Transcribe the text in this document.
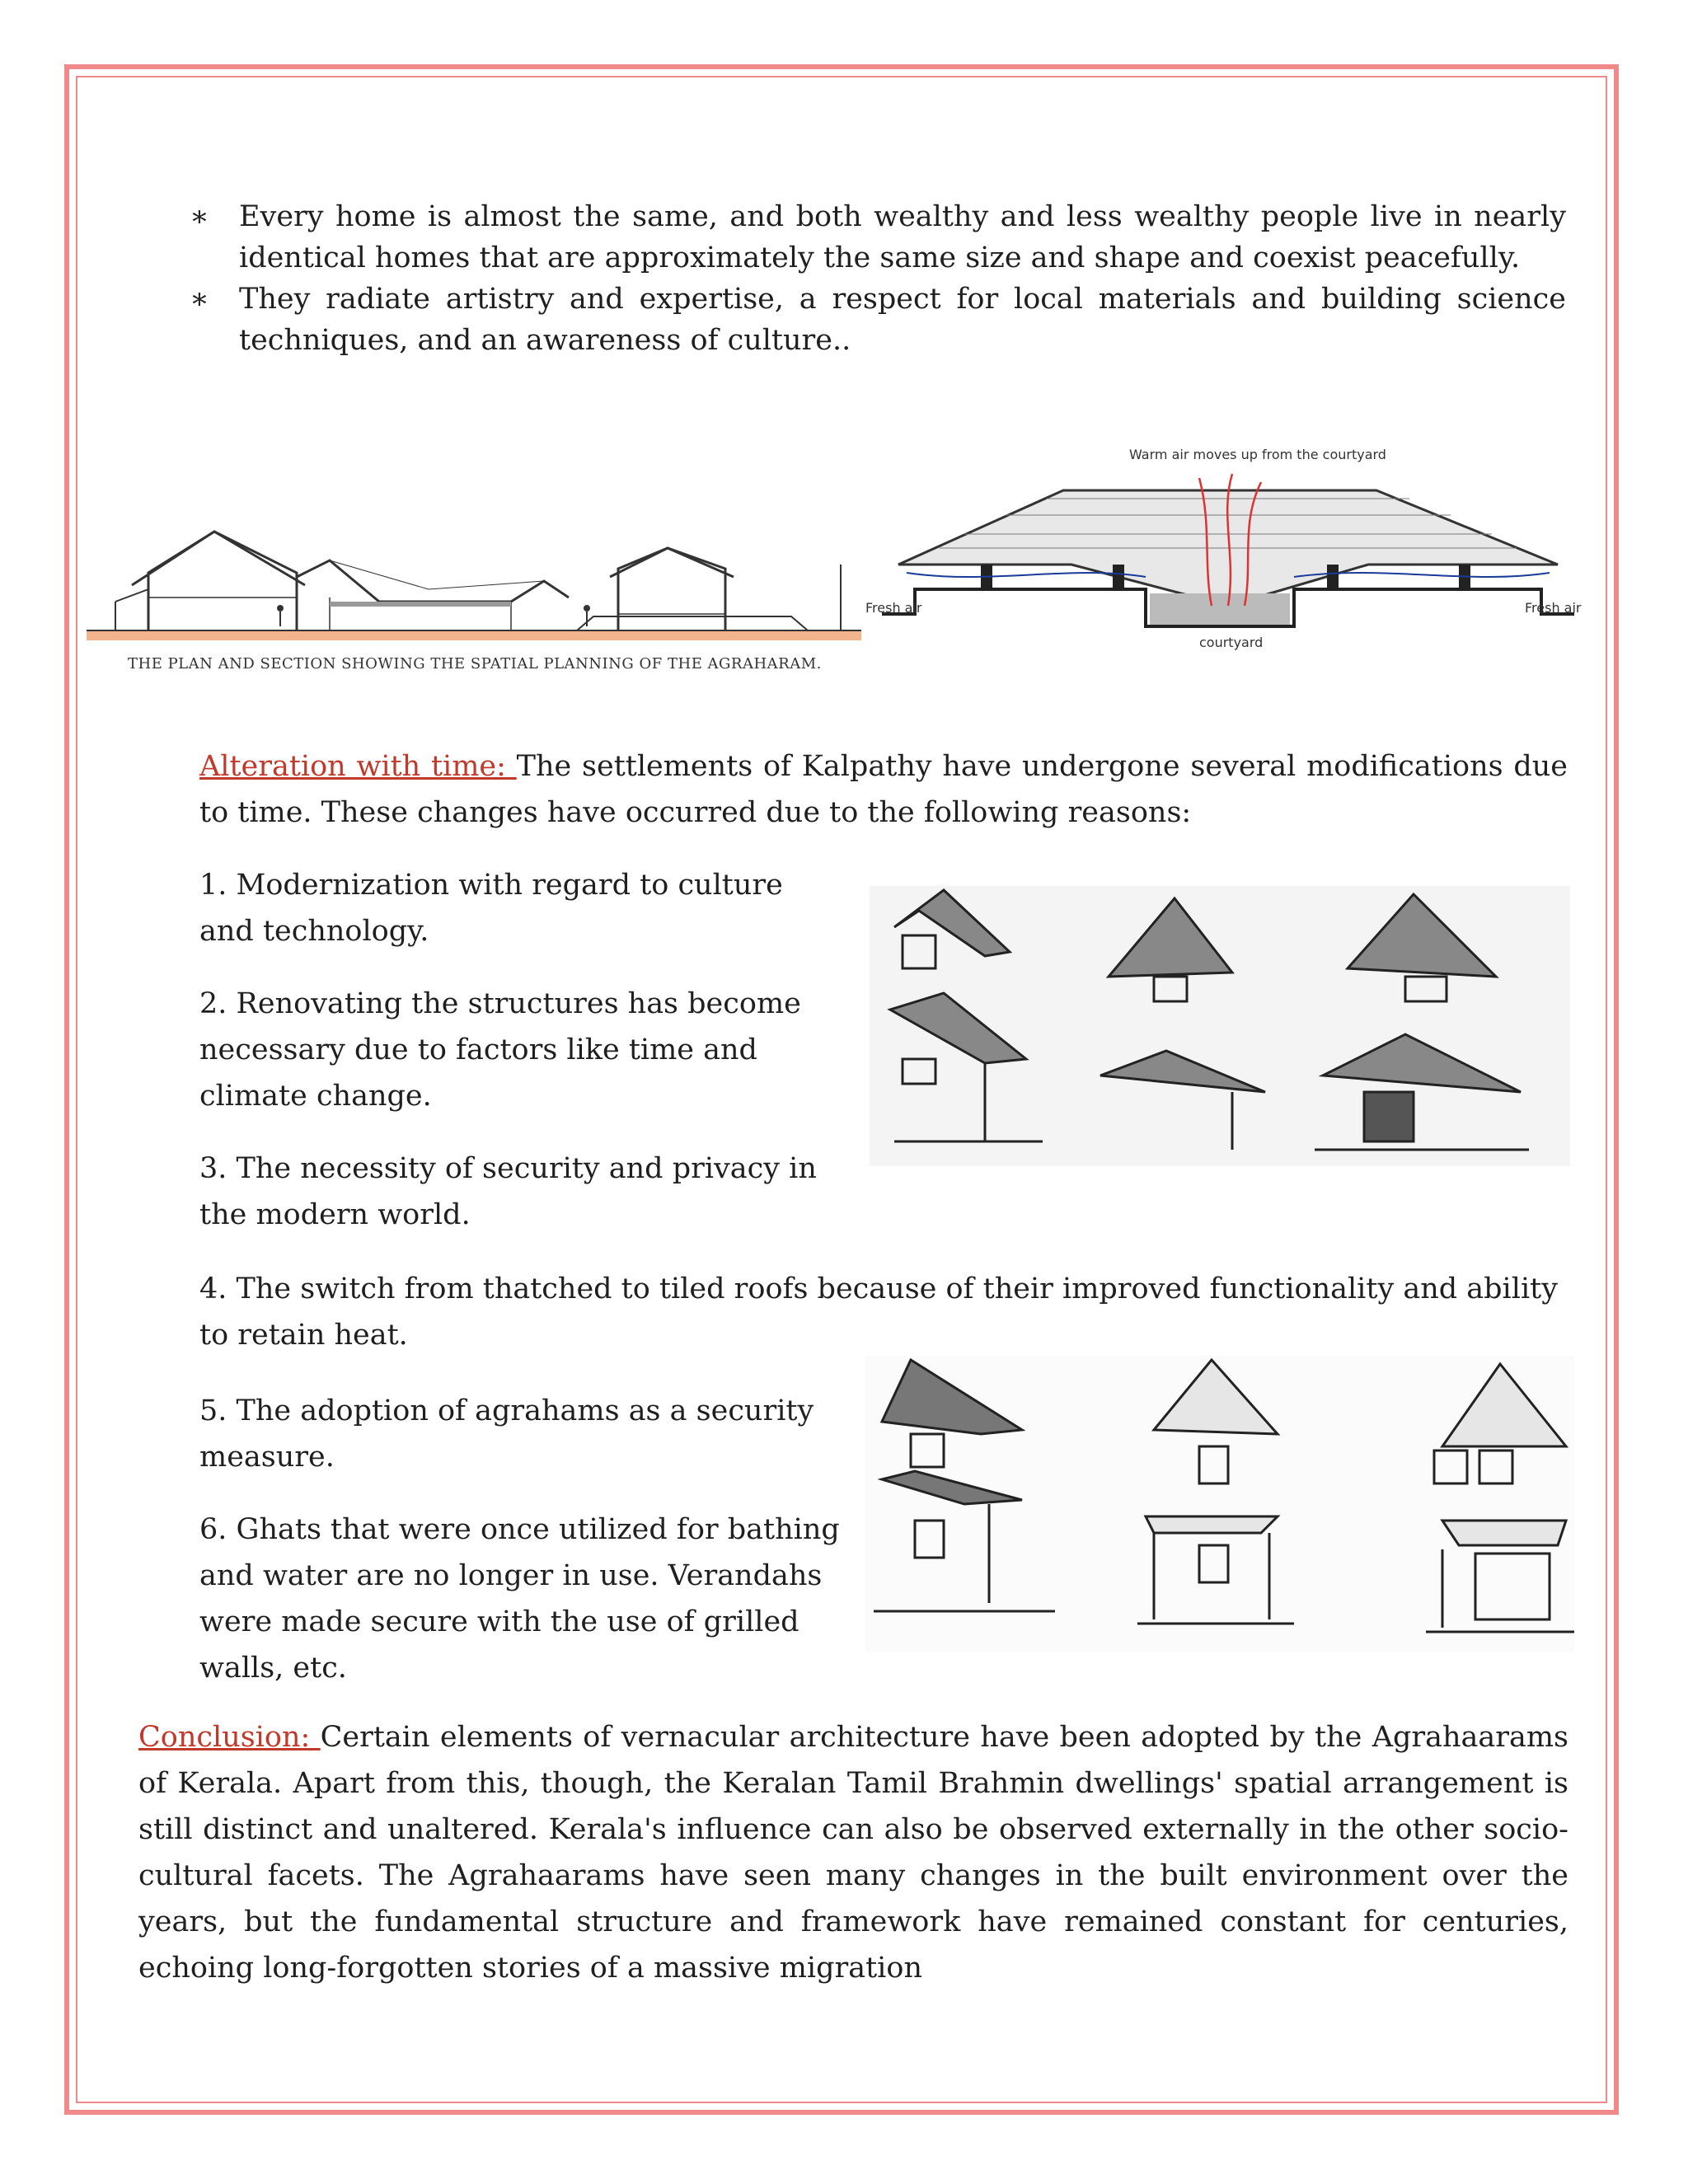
∗ Every home is almost the same, and both wealthy and less wealthy people live in nearly identical homes that are approximately the same size and shape and coexist peacefully.
∗ They radiate artistry and expertise, a respect for local materials and building science techniques, and an awareness of culture..
THE PLAN AND SECTION SHOWING THE SPATIAL PLANNING OF THE AGRAHARAM.
Warm air moves up from the courtyard
Fresh air	Fresh air
courtyard
Alteration with time: The settlements of Kalpathy have undergone several modifications due to time. These changes have occurred due to the following reasons:
1. Modernization with regard to culture and technology.
2. Renovating the structures has become necessary due to factors like time and climate change.
3. The necessity of security and privacy in the modern world.
4. The switch from thatched to tiled roofs because of their improved functionality and ability to retain heat.
5. The adoption of agrahams as a security measure.
6. Ghats that were once utilized for bathing and water are no longer in use. Verandahs were made secure with the use of grilled walls, etc.
Conclusion: Certain elements of vernacular architecture have been adopted by the Agrahaarams of Kerala. Apart from this, though, the Keralan Tamil Brahmin dwellings' spatial arrangement is still distinct and unaltered. Kerala's influence can also be observed externally in the other socio-cultural facets. The Agrahaarams have seen many changes in the built environment over the years, but the fundamental structure and framework have remained constant for centuries, echoing long-forgotten stories of a massive migration
